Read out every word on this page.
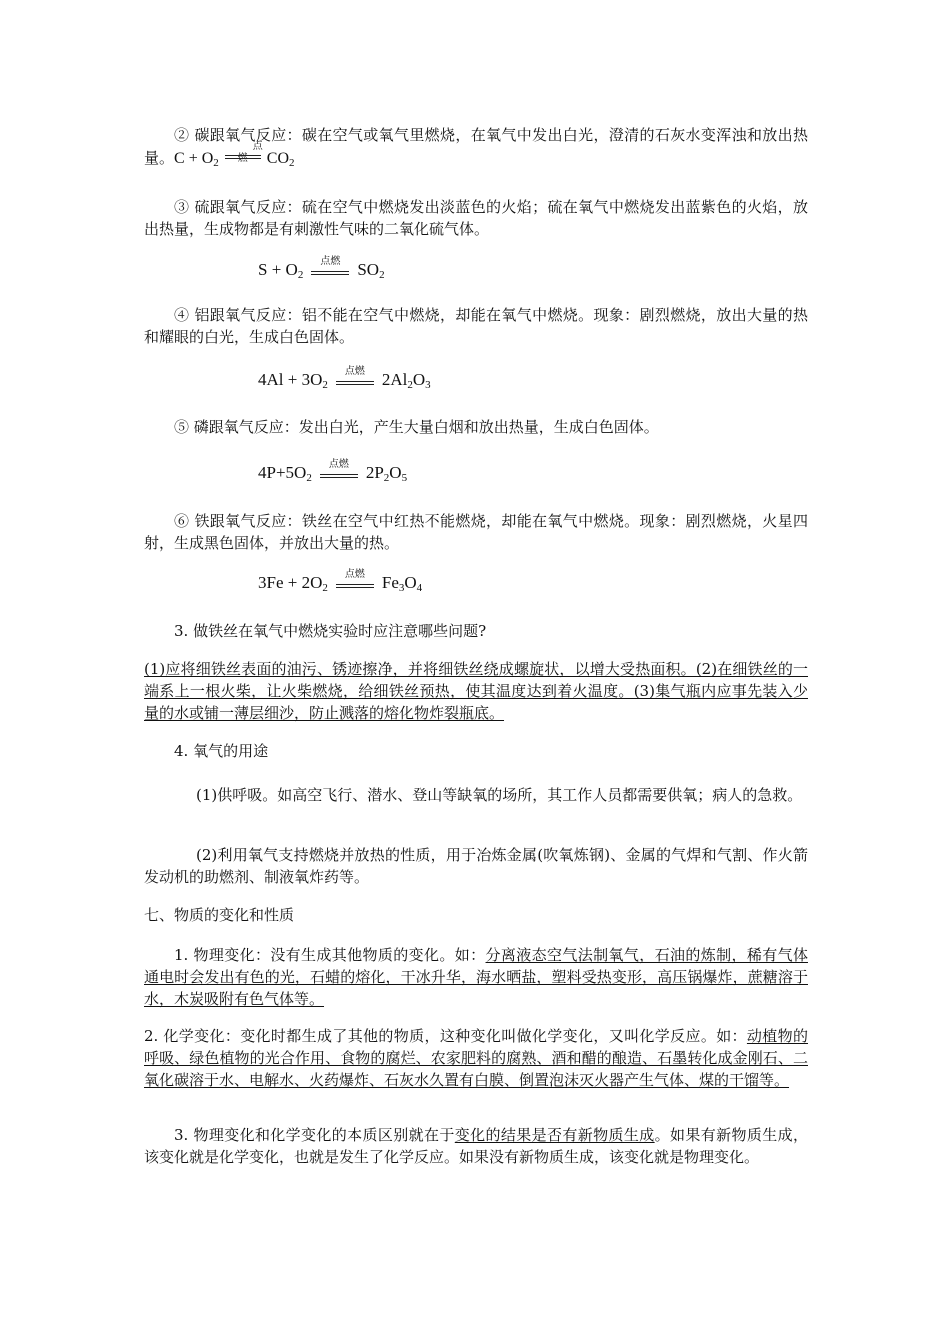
② 碳跟氧气反应：碳在空气或氧气里燃烧，在氧气中发出白光，澄清的石灰水变浑浊和放出热量。$C + O_2$
点燃	$CO_2$

③ 硫跟氧气反应：硫在空气中燃烧发出淡蓝色的火焰；硫在氧气中燃烧发出蓝紫色的火焰，放出热量，生成物都是有刺激性气味的二氧化硫气体。

$S + O_2$
点燃	$SO_2$

④ 铝跟氧气反应：铝不能在空气中燃烧，却能在氧气中燃烧。现象：剧烈燃烧，放出大量的热和耀眼的白光，生成白色固体。

$4Al + 3O_2$
点燃	$2Al_2O_3$

⑤ 磷跟氧气反应：发出白光，产生大量白烟和放出热量，生成白色固体。

$4P+5O_2$
点燃	$2P_2O_5$

⑥ 铁跟氧气反应：铁丝在空气中红热不能燃烧，却能在氧气中燃烧。现象：剧烈燃烧，火星四射，生成黑色固体，并放出大量的热。

$3Fe + 2O_2$
点燃	$Fe_3O_4$

3. 做铁丝在氧气中燃烧实验时应注意哪些问题?

(1)应将细铁丝表面的油污、锈迹擦净，并将细铁丝绕成螺旋状，以增大受热面积。(2)在细铁丝的一端系上一根火柴，让火柴燃烧，给细铁丝预热，使其温度达到着火温度。(3)集气瓶内应事先装入少量的水或铺一薄层细沙，防止溅落的熔化物炸裂瓶底。

4. 氧气的用途

(1)供呼吸。如高空飞行、潜水、登山等缺氧的场所，其工作人员都需要供氧；病人的急救。

(2)利用氧气支持燃烧并放热的性质，用于冶炼金属(吹氧炼钢)、金属的气焊和气割、作火箭发动机的助燃剂、制液氧炸药等。

七、物质的变化和性质

1. 物理变化：没有生成其他物质的变化。如：分离液态空气法制氧气，石油的炼制，稀有气体通电时会发出有色的光，石蜡的熔化，干冰升华，海水晒盐，塑料受热变形，高压锅爆炸，蔗糖溶于水，木炭吸附有色气体等。

2. 化学变化：变化时都生成了其他的物质，这种变化叫做化学变化，又叫化学反应。如：动植物的呼吸、绿色植物的光合作用、食物的腐烂、农家肥料的腐熟、酒和醋的酿造、石墨转化成金刚石、二氧化碳溶于水、电解水、火药爆炸、石灰水久置有白膜、倒置泡沫灭火器产生气体、煤的干馏等。

3. 物理变化和化学变化的本质区别就在于变化的结果是否有新物质生成。如果有新物质生成，该变化就是化学变化，也就是发生了化学反应。如果没有新物质生成，该变化就是物理变化。
